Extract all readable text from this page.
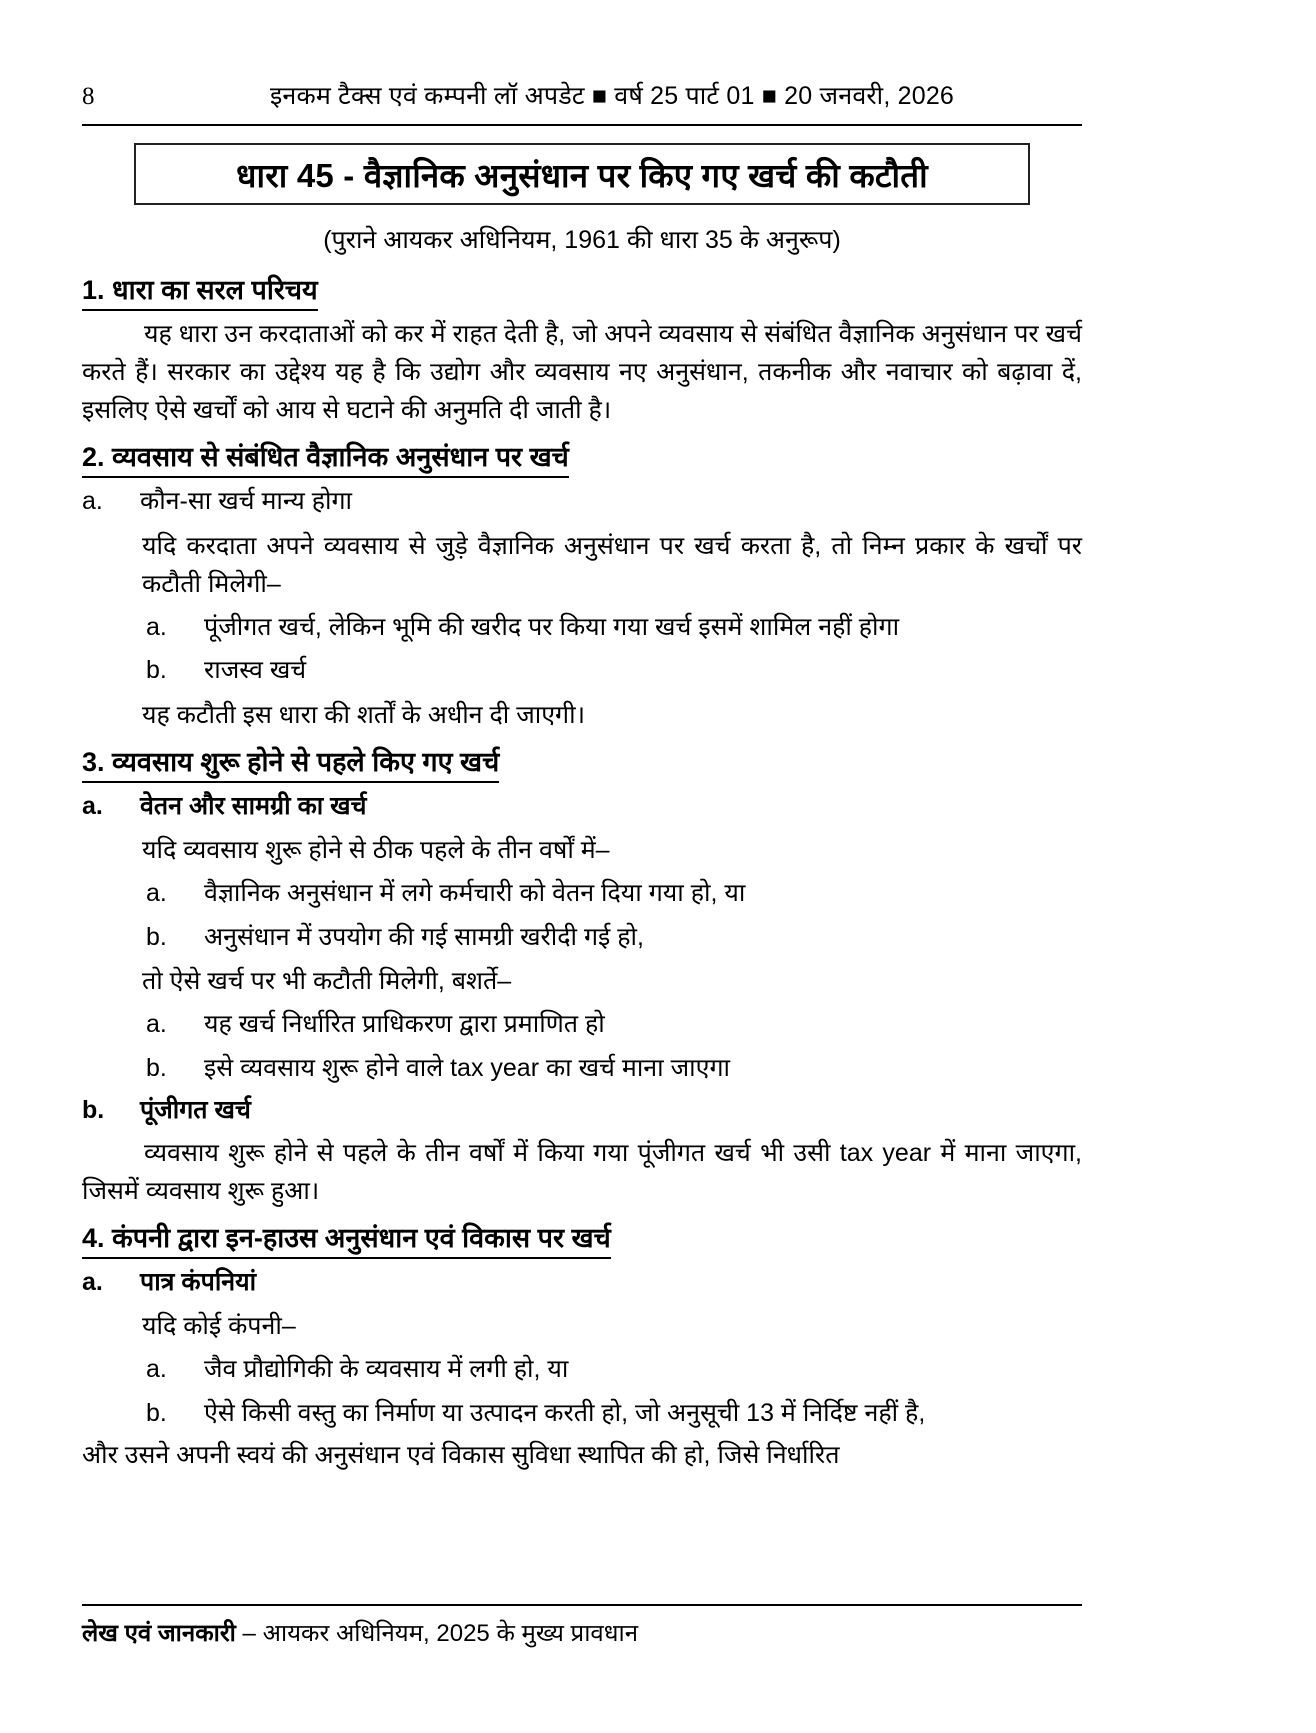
8	इनकम टैक्स एवं कम्पनी लॉ अपडेट ■ वर्ष 25 पार्ट 01 ■ 20 जनवरी, 2026
धारा 45 - वैज्ञानिक अनुसंधान पर किए गए खर्च की कटौती
(पुराने आयकर अधिनियम, 1961 की धारा 35 के अनुरूप)
1. धारा का सरल परिचय

यह धारा उन करदाताओं को कर में राहत देती है, जो अपने व्यवसाय से संबंधित वैज्ञानिक अनुसंधान पर खर्च करते हैं। सरकार का उद्देश्य यह है कि उद्योग और व्यवसाय नए अनुसंधान, तकनीक और नवाचार को बढ़ावा दें, इसलिए ऐसे खर्चों को आय से घटाने की अनुमति दी जाती है।

2. व्यवसाय से संबंधित वैज्ञानिक अनुसंधान पर खर्च
a.	कौन-सा खर्च मान्य होगा

यदि करदाता अपने व्यवसाय से जुड़े वैज्ञानिक अनुसंधान पर खर्च करता है, तो निम्न प्रकार के खर्चों पर कटौती मिलेगी–

a.	पूंजीगत खर्च, लेकिन भूमि की खरीद पर किया गया खर्च इसमें शामिल नहीं होगा
b.	राजस्व खर्च

यह कटौती इस धारा की शर्तों के अधीन दी जाएगी।

3. व्यवसाय शुरू होने से पहले किए गए खर्च
a.	वेतन और सामग्री का खर्च

यदि व्यवसाय शुरू होने से ठीक पहले के तीन वर्षों में–

a.	वैज्ञानिक अनुसंधान में लगे कर्मचारी को वेतन दिया गया हो, या
b.	अनुसंधान में उपयोग की गई सामग्री खरीदी गई हो,

तो ऐसे खर्च पर भी कटौती मिलेगी, बशर्ते–

a.	यह खर्च निर्धारित प्राधिकरण द्वारा प्रमाणित हो
b.	इसे व्यवसाय शुरू होने वाले tax year का खर्च माना जाएगा
b.	पूंजीगत खर्च

व्यवसाय शुरू होने से पहले के तीन वर्षों में किया गया पूंजीगत खर्च भी उसी tax year में माना जाएगा, जिसमें व्यवसाय शुरू हुआ।

4. कंपनी द्वारा इन-हाउस अनुसंधान एवं विकास पर खर्च
a.	पात्र कंपनियां

यदि कोई कंपनी–

a.	जैव प्रौद्योगिकी के व्यवसाय में लगी हो, या
b.	ऐसे किसी वस्तु का निर्माण या उत्पादन करती हो, जो अनुसूची 13 में निर्दिष्ट नहीं है,

और उसने अपनी स्वयं की अनुसंधान एवं विकास सुविधा स्थापित की हो, जिसे निर्धारित

लेख एवं जानकारी – आयकर अधिनियम, 2025 के मुख्य प्रावधान
